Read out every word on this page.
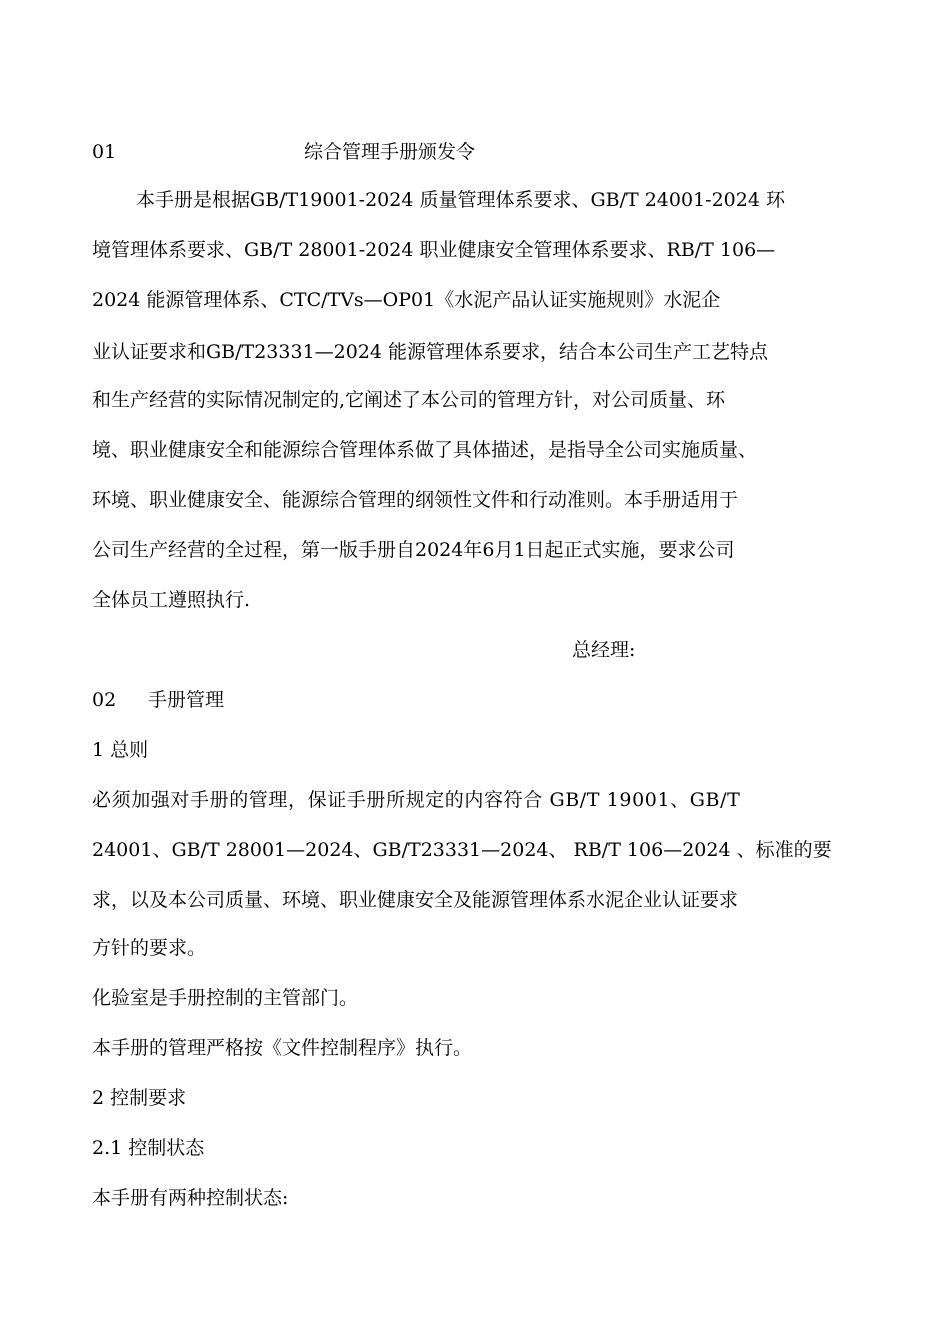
01	综合管理手册颁发令
本手册是根据GB/T19001-2024 质量管理体系要求、GB/T 24001-2024 环
境管理体系要求、GB/T 28001-2024 职业健康安全管理体系要求、RB/T 106—
2024 能源管理体系、CTC/TVs—OP01《水泥产品认证实施规则》水泥企
业认证要求和GB/T23331—2024 能源管理体系要求，结合本公司生产工艺特点
和生产经营的实际情况制定的,它阐述了本公司的管理方针，对公司质量、环
境、职业健康安全和能源综合管理体系做了具体描述，是指导全公司实施质量、
环境、职业健康安全、能源综合管理的纲领性文件和行动准则。本手册适用于
公司生产经营的全过程，第一版手册自2024年6月1日起正式实施，要求公司
全体员工遵照执行.
总经理:
02 手册管理
1 总则
必须加强对手册的管理，保证手册所规定的内容符合 GB/T 19001、GB/T
24001、GB/T 28001—2024、GB/T23331—2024、 RB/T 106—2024 、标准的要
求，以及本公司质量、环境、职业健康安全及能源管理体系水泥企业认证要求
方针的要求。
化验室是手册控制的主管部门。
本手册的管理严格按《文件控制程序》执行。
2 控制要求
2.1 控制状态
本手册有两种控制状态:
